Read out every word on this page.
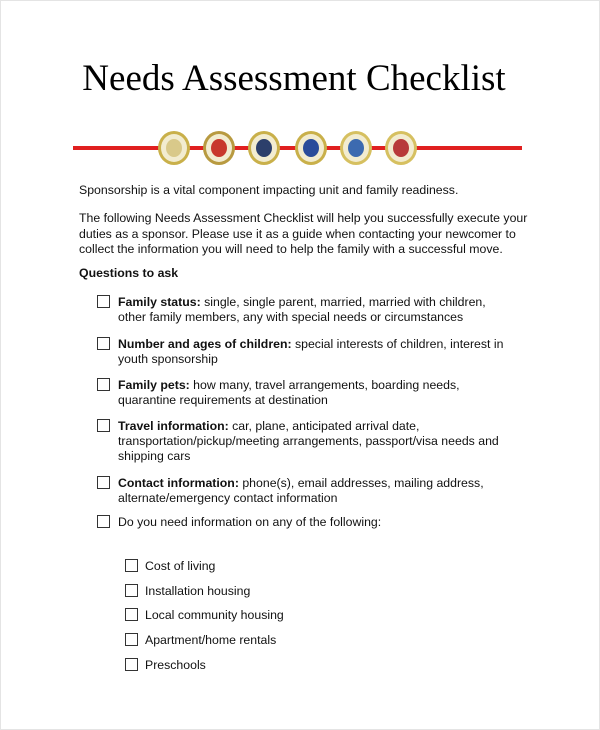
Needs Assessment Checklist
Sponsorship is a vital component impacting unit and family readiness.
The following Needs Assessment Checklist will help you successfully execute your
duties as a sponsor. Please use it as a guide when contacting your newcomer to
collect the information you will need to help the family with a successful move.
Questions to ask
Family status: single, single parent, married, married with children, other family members, any with special needs or circumstances
Number and ages of children: special interests of children, interest in youth sponsorship
Family pets: how many, travel arrangements, boarding needs, quarantine requirements at destination
Travel information: car, plane, anticipated arrival date, transportation/pickup/meeting arrangements, passport/visa needs and shipping cars
Contact information: phone(s), email addresses, mailing address, alternate/emergency contact information
Do you need information on any of the following:
Cost of living
Installation housing
Local community housing
Apartment/home rentals
Preschools
